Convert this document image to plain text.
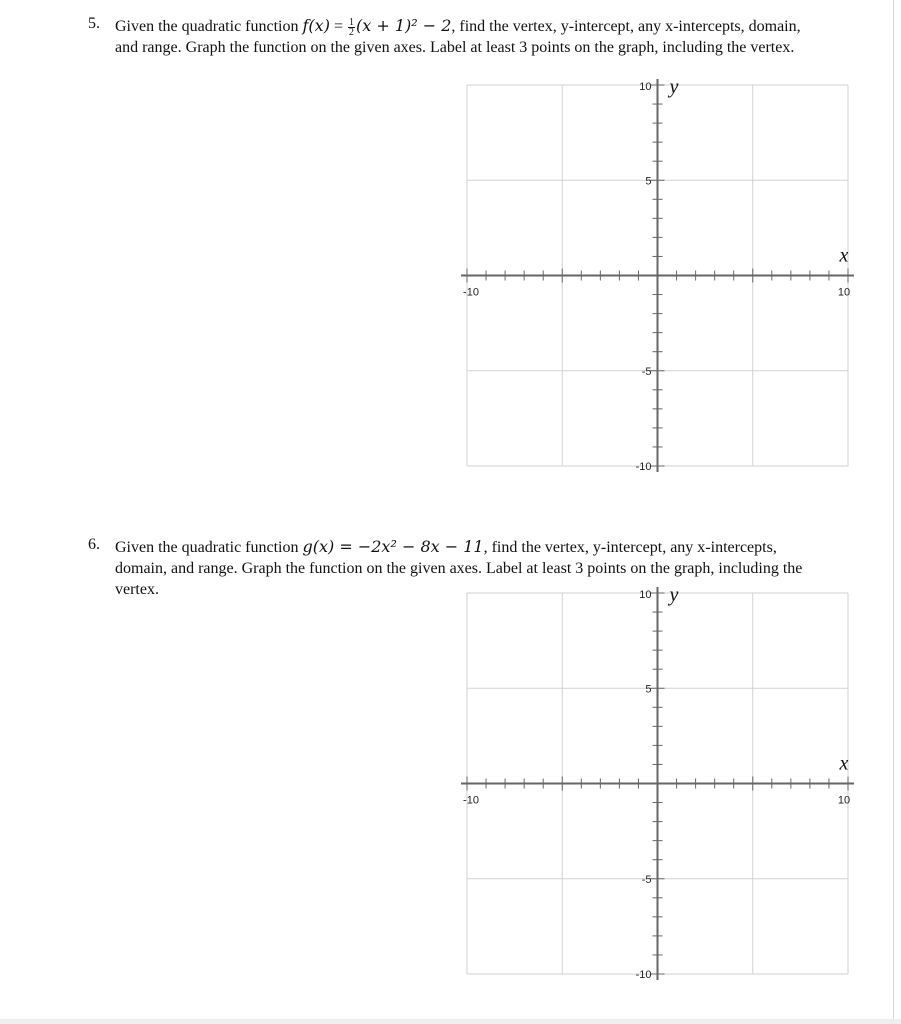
5. Given the quadratic function $f(x) = \frac{1}{2} (x + 1)^2 - 2$, find the vertex, y-intercept, any x-intercepts, domain, and range. Graph the function on the given axes. Label at least 3 points on the graph, including the vertex.
-10	10
10
5
-5
-10
y
x
6. Given the quadratic function g(x) = −2x² − 8x − 11, find the vertex, y-intercept, any x-intercepts, domain, and range. Graph the function on the given axes. Label at least 3 points on the graph, including the vertex.
-10	10
10
5
-5
-10
y
x
